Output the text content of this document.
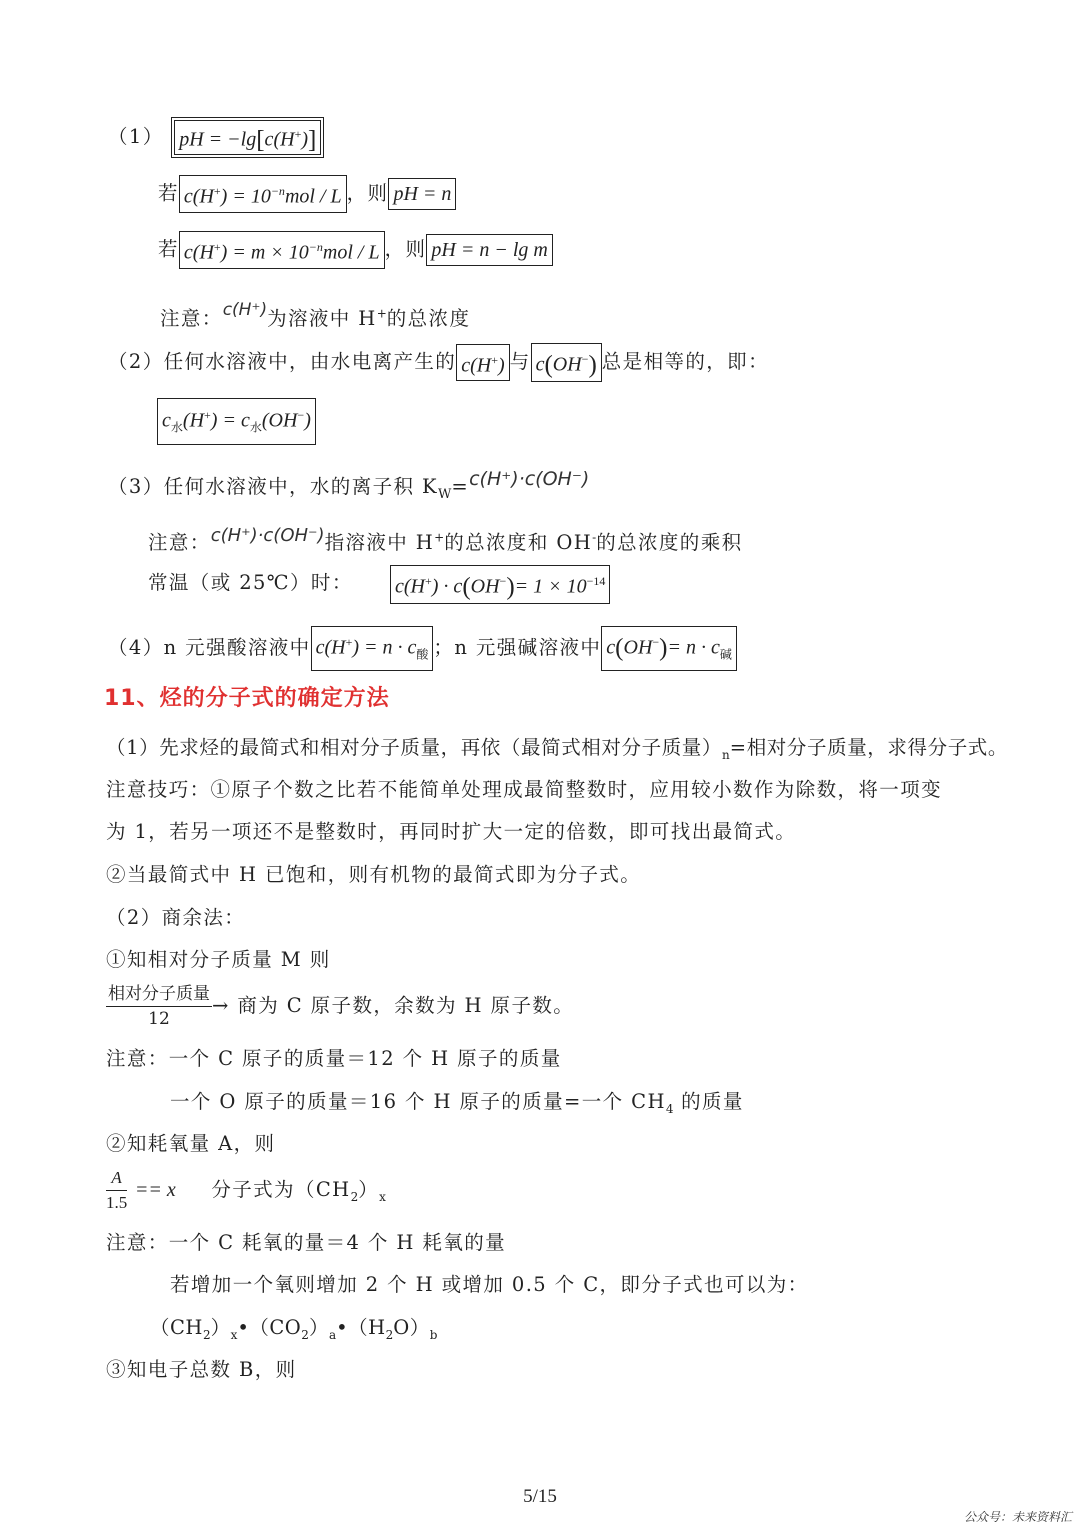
（1） pH = −lg[c(H+)]
若 $c(H^+) = 10^{-n}mol / L$ ，则 pH = n
若 $c(H^+) = m \times 10^{-n}mol / L$ ，则 pH = n − lg m
注意：c(H⁺)为溶液中 H+的总浓度
（2）任何水溶液中，由水电离产生的 c(H+) 与 c(OH−) 总是相等的，即：
$c_水(H^+) = c_水(OH^-)$
（3）任何水溶液中，水的离子积 $K_W=c(H^+)\cdot c(OH^-)$
注意：c(H⁺)·c(OH⁻)指溶液中 H+的总浓度和 OH-的总浓度的乘积
常温（或 25℃）时： $c(H^+) \cdot c(OH^-)= 1 \times 10^{-14}$
（4）n 元强酸溶液中 $c(H^+) = n \cdot c_酸$ ；n 元强碱溶液中 $c(OH^-)= n \cdot c_碱$
11、烃的分子式的确定方法
（1）先求烃的最简式和相对分子质量，再依（最简式相对分子质量）$_n=$相对分子质量，求得分子式。
注意技巧：①原子个数之比若不能简单处理成最简整数时，应用较小数作为除数，将一项变
为 1，若另一项还不是整数时，再同时扩大一定的倍数，即可找出最简式。
②当最简式中 H 已饱和，则有机物的最简式即为分子式。
（2）商余法：
①知相对分子质量 M 则
$\frac{\text{相对分子质量}}{12}$ → 商为 C 原子数，余数为 H 原子数。
注意：一个 C 原子的质量＝12 个 H 原子的质量
一个 O 原子的质量＝16 个 H 原子的质量=一个 $CH_4$ 的质量
②知耗氧量 A，则
$\frac{A}{1.5} == x$ 分子式为$(CH_2)_x$
注意：一个 C 耗氧的量＝4 个 H 耗氧的量
若增加一个氧则增加 2 个 H 或增加 0.5 个 C，即分子式也可以为：
$(CH_2)_x•(CO_2)_a•(H_2O)_b$
③知电子总数 B，则
5/15
公众号：未来资料汇
